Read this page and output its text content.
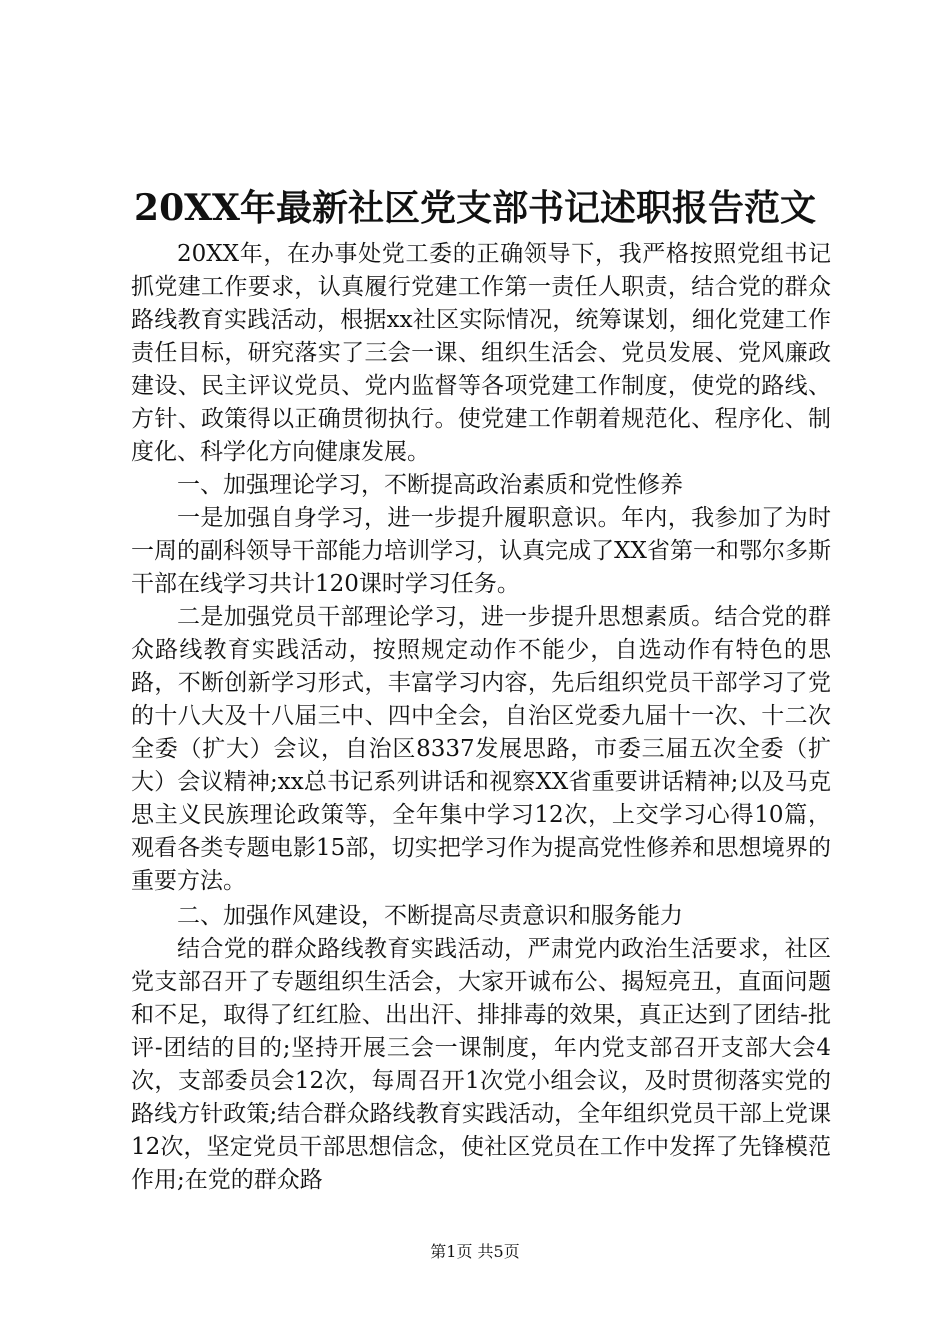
20XX年最新社区党支部书记述职报告范文

20XX年，在办事处党工委的正确领导下，我严格按照党组书记抓党建工作要求，认真履行党建工作第一责任人职责，结合党的群众路线教育实践活动，根据xx社区实际情况，统筹谋划，细化党建工作责任目标，研究落实了三会一课、组织生活会、党员发展、党风廉政建设、民主评议党员、党内监督等各项党建工作制度，使党的路线、方针、政策得以正确贯彻执行。使党建工作朝着规范化、程序化、制度化、科学化方向健康发展。

一、加强理论学习，不断提高政治素质和党性修养

一是加强自身学习，进一步提升履职意识。年内，我参加了为时一周的副科领导干部能力培训学习，认真完成了XX省第一和鄂尔多斯干部在线学习共计120课时学习任务。

二是加强党员干部理论学习，进一步提升思想素质。结合党的群众路线教育实践活动，按照规定动作不能少，自选动作有特色的思路，不断创新学习形式，丰富学习内容，先后组织党员干部学习了党的十八大及十八届三中、四中全会，自治区党委九届十一次、十二次全委（扩大）会议，自治区8337发展思路，市委三届五次全委（扩大）会议精神;xx总书记系列讲话和视察XX省重要讲话精神;以及马克思主义民族理论政策等，全年集中学习12次，上交学习心得10篇，观看各类专题电影15部，切实把学习作为提高党性修养和思想境界的重要方法。

二、加强作风建设，不断提高尽责意识和服务能力

结合党的群众路线教育实践活动，严肃党内政治生活要求，社区党支部召开了专题组织生活会，大家开诚布公、揭短亮丑，直面问题和不足，取得了红红脸、出出汗、排排毒的效果，真正达到了团结-批评-团结的目的;坚持开展三会一课制度，年内党支部召开支部大会4次，支部委员会12次，每周召开1次党小组会议，及时贯彻落实党的路线方针政策;结合群众路线教育实践活动，全年组织党员干部上党课12次，坚定党员干部思想信念，使社区党员在工作中发挥了先锋模范作用;在党的群众路

第1页 共5页
